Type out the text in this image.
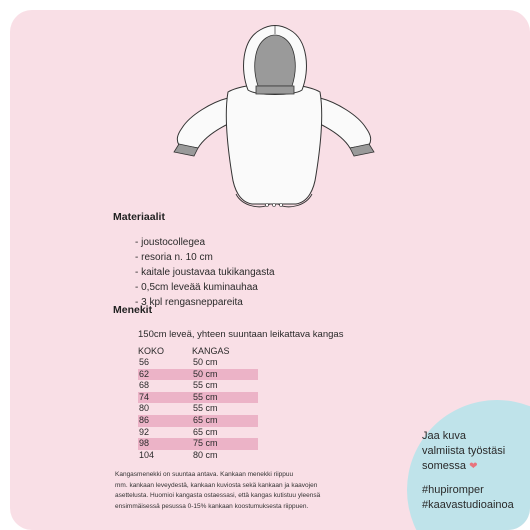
Materiaalit
- joustocollegea
- resoria n. 10 cm
- kaitale joustavaa tukikangasta
- 0,5cm leveää kuminauhaa
- 3 kpl rengasneppareita
Menekit
150cm leveä, yhteen suuntaan leikattava kangas
KOKO	KANGAS
56	50 cm
62	50 cm
68	55 cm
74	55 cm
80	55 cm
86	65 cm
92	65 cm
98	75 cm
104	80 cm
Kangasmenekki on suuntaa antava. Kankaan menekki riippuu
mm. kankaan leveydestä, kankaan kuviosta sekä kankaan ja kaavojen
asettelusta. Huomioi kangasta ostaessasi, että kangas kutistuu yleensä
ensimmäisessä pesussa 0-15% kankaan koostumuksesta riippuen.
Jaa kuva
valmiista työstäsi
somessa ❤
#hupiromper
#kaavastudioainoa
